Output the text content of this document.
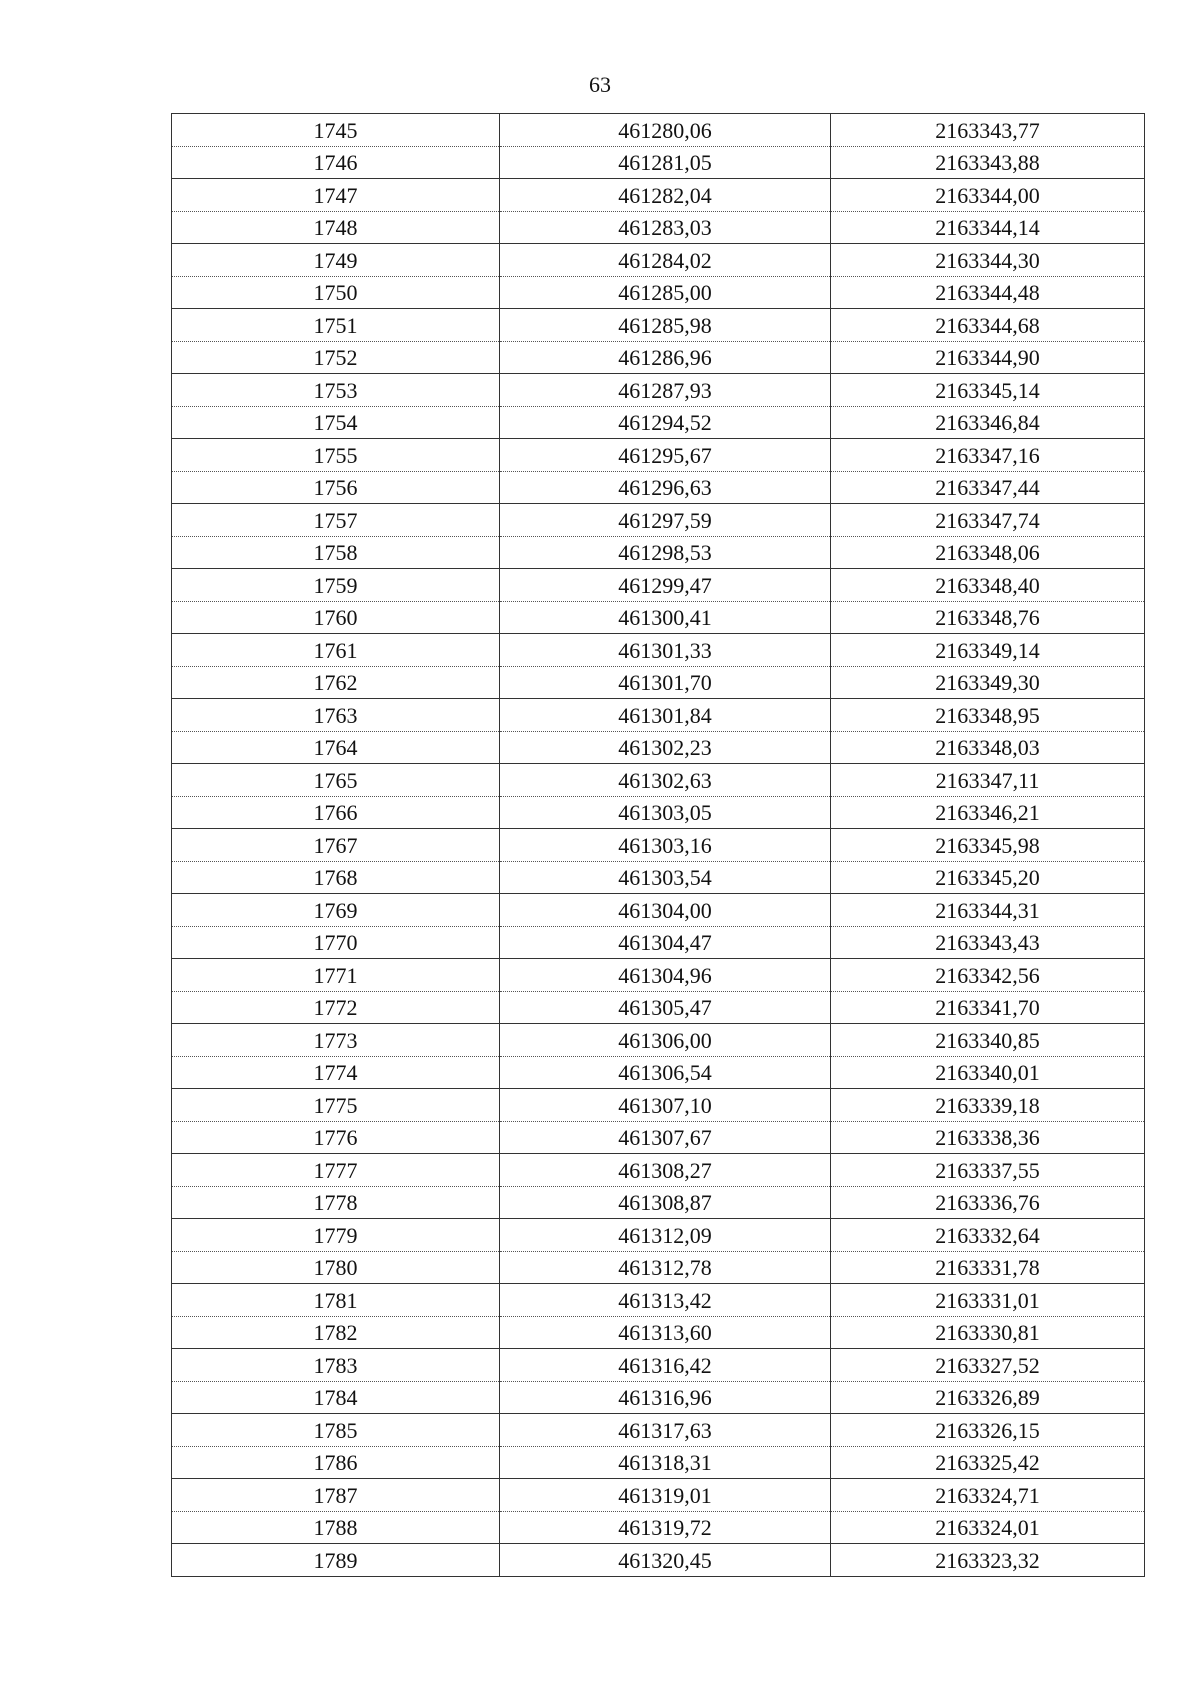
63
1745	461280,06	2163343,77
1746	461281,05	2163343,88
1747	461282,04	2163344,00
1748	461283,03	2163344,14
1749	461284,02	2163344,30
1750	461285,00	2163344,48
1751	461285,98	2163344,68
1752	461286,96	2163344,90
1753	461287,93	2163345,14
1754	461294,52	2163346,84
1755	461295,67	2163347,16
1756	461296,63	2163347,44
1757	461297,59	2163347,74
1758	461298,53	2163348,06
1759	461299,47	2163348,40
1760	461300,41	2163348,76
1761	461301,33	2163349,14
1762	461301,70	2163349,30
1763	461301,84	2163348,95
1764	461302,23	2163348,03
1765	461302,63	2163347,11
1766	461303,05	2163346,21
1767	461303,16	2163345,98
1768	461303,54	2163345,20
1769	461304,00	2163344,31
1770	461304,47	2163343,43
1771	461304,96	2163342,56
1772	461305,47	2163341,70
1773	461306,00	2163340,85
1774	461306,54	2163340,01
1775	461307,10	2163339,18
1776	461307,67	2163338,36
1777	461308,27	2163337,55
1778	461308,87	2163336,76
1779	461312,09	2163332,64
1780	461312,78	2163331,78
1781	461313,42	2163331,01
1782	461313,60	2163330,81
1783	461316,42	2163327,52
1784	461316,96	2163326,89
1785	461317,63	2163326,15
1786	461318,31	2163325,42
1787	461319,01	2163324,71
1788	461319,72	2163324,01
1789	461320,45	2163323,32
